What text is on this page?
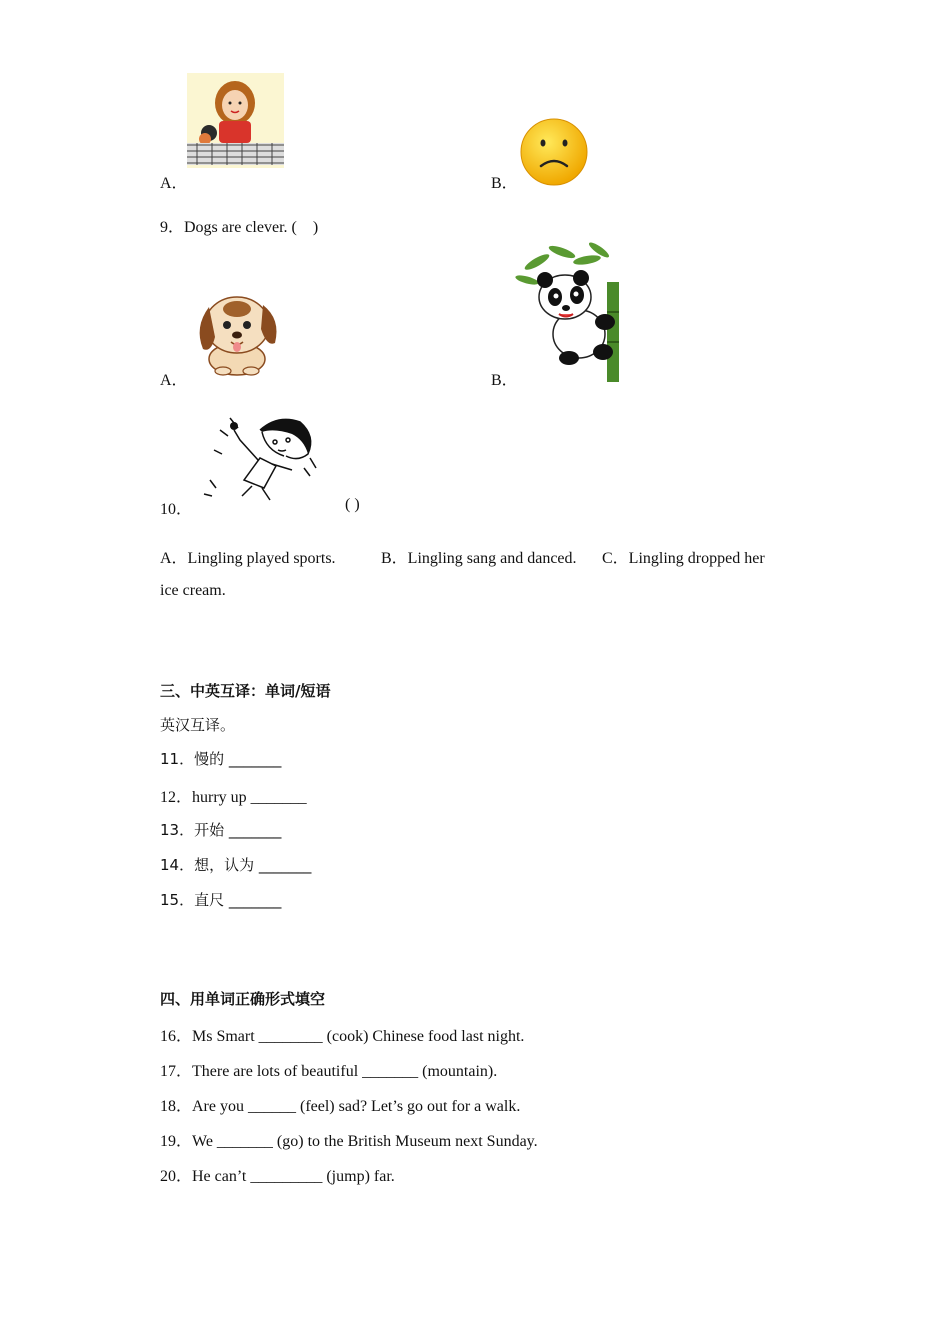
A．	B．
9．Dogs are clever. (　)
A．	B．
10．	( )
A．Lingling played sports.	B．Lingling sang and danced. C．Lingling dropped her
ice cream.
三、中英互译：单词/短语
英汉互译。
11．慢的 _______
12．hurry up _______
13．开始 _______
14．想，认为 _______
15．直尺 _______
四、用单词正确形式填空
16．Ms Smart ________ (cook) Chinese food last night.
17．There are lots of beautiful _______ (mountain).
18．Are you ______ (feel) sad? Let’s go out for a walk.
19．We _______ (go) to the British Museum next Sunday.
20．He can’t _________ (jump) far.
